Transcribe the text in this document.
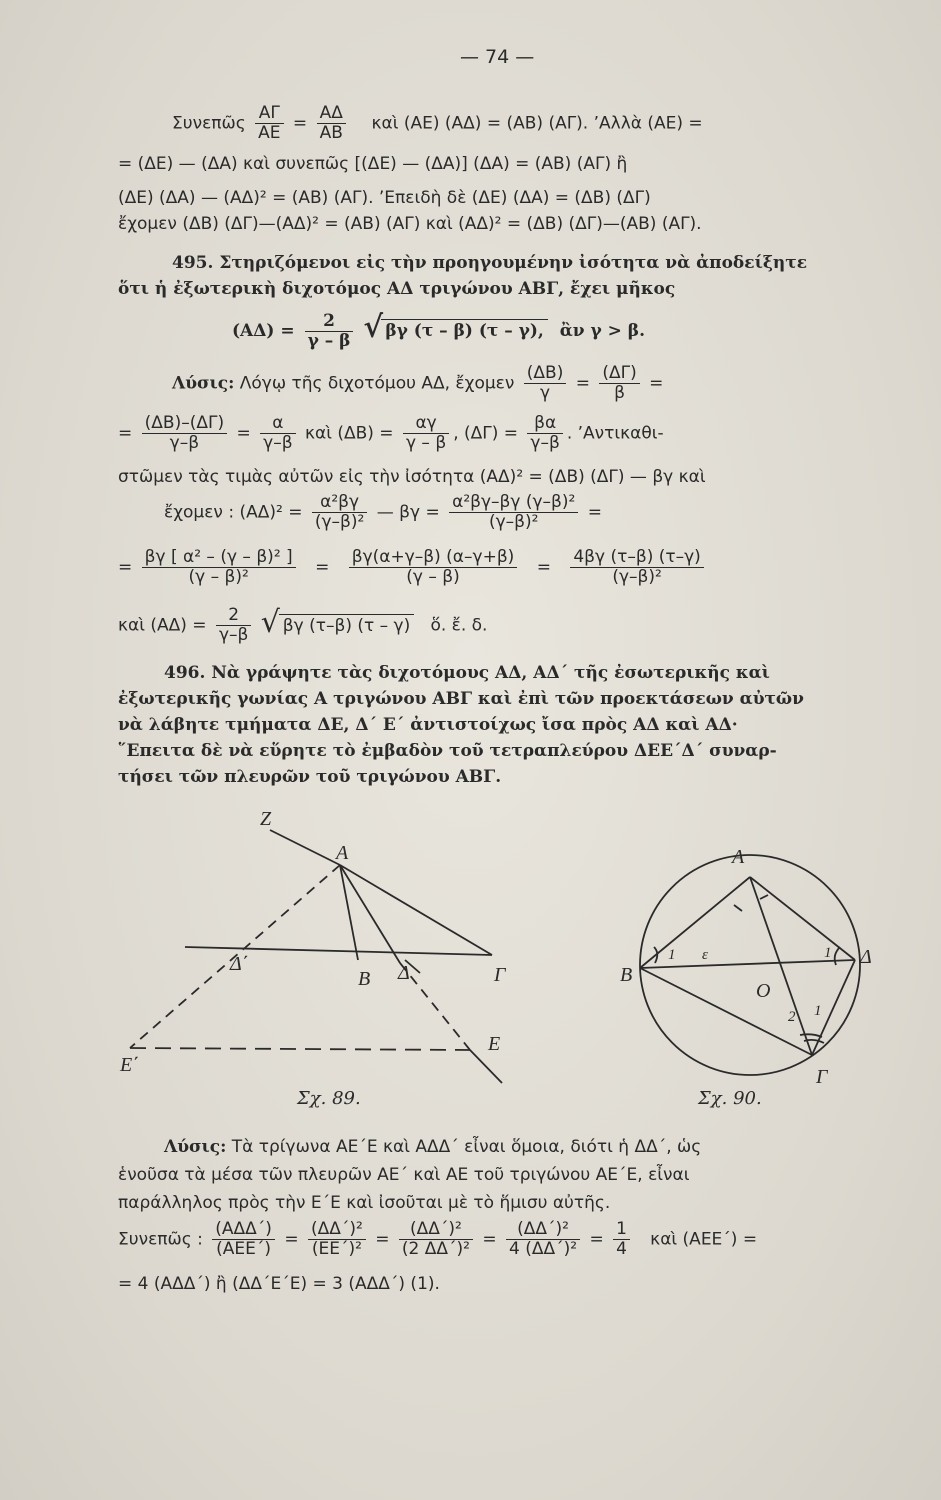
— 74 —
Συνεπῶς $\frac{A\Gamma}{AE} = \frac{A\Delta}{AB}$ καὶ (ΑΕ) (ΑΔ) = (ΑΒ) (ΑΓ). ’Αλλὰ (ΑΕ) =
= (ΔΕ) — (ΔΑ) καὶ συνεπῶς [(ΔΕ) — (ΔΑ)] (ΔΑ) = (ΑΒ) (ΑΓ) ἢ
(ΔΕ) (ΔΑ) — (ΑΔ)² = (ΑΒ) (ΑΓ). ’Επειδὴ δὲ (ΔΕ) (ΔΑ) = (ΔΒ) (ΔΓ)
ἔχομεν (ΔΒ) (ΔΓ)—(ΑΔ)² = (ΑΒ) (ΑΓ) καὶ (ΑΔ)² = (ΔΒ) (ΔΓ)—(ΑΒ) (ΑΓ).
495. Στηριζόμενοι εἰς τὴν προηγουμένην ἰσότητα νὰ ἀποδείξητε
ὅτι ἡ ἐξωτερικὴ διχοτόμος ΑΔ τριγώνου ΑΒΓ, ἔχει μῆκος
$(A\Delta) = \frac{2}{\gamma - \beta}$
√ βγ (τ – β) (τ – γ), ἂν γ > β.
Λύσις: Λόγῳ τῆς διχοτόμου ΑΔ, ἔχομεν $\frac{(\Delta B)}{\gamma} = \frac{(\Delta\Gamma)}{\beta}$ =
= $\frac{(\Delta B)-(\Delta\Gamma)}{\gamma-\beta} = \frac{\alpha}{\gamma-\beta}$ καὶ $(\Delta B) = \frac{\alpha\gamma}{\gamma - \beta}$ , $(\Delta\Gamma) = \frac{\beta\alpha}{\gamma-\beta}$ . ’Αντικαθι-
στῶμεν τὰς τιμὰς αὐτῶν εἰς τὴν ἰσότητα (ΑΔ)² = (ΔΒ) (ΔΓ) — βγ καὶ
ἔχομεν : $(A\Delta)^2 = \frac{\text{α²βγ}}{\text{(γ–β)²}}$ — $\beta\gamma = \frac{\text{α²βγ–βγ (γ–β)²}}{\text{(γ–β)²}}$ =
= $\frac{\text{βγ [ α² – (γ – β)² ]}}{\text{(γ – β)²}} = \frac{\beta\gamma(\alpha+\gamma-\beta) (\alpha-\gamma+\beta)}{(\gamma - \beta)} = \frac{4\beta\gamma (\tau-\beta) (\tau-\gamma)}{\text{(γ–β)²}}$
καὶ $(A\Delta) = \frac{2}{\gamma-\beta}$
√ βγ (τ–β) (τ – γ) ὅ. ἔ. δ.
496. Νὰ γράψητε τὰς διχοτόμους ΑΔ, ΑΔ΄ τῆς ἐσωτερικῆς καὶ
ἐξωτερικῆς γωνίας Α τριγώνου ΑΒΓ καὶ ἐπὶ τῶν προεκτάσεων αὐτῶν
νὰ λάβητε τμήματα ΔΕ, Δ΄ Ε΄ ἀντιστοίχως ἴσα πρὸς ΑΔ καὶ ΑΔ·
῞Επειτα δὲ νὰ εὕρητε τὸ ἐμβαδὸν τοῦ τετραπλεύρου ΔΕΕ΄Δ΄ συναρ-
τήσει τῶν πλευρῶν τοῦ τριγώνου ΑΒΓ.
Z
A
Δ΄
B Δ	Γ
E΄
E
Σχ. 89.
A
B
Δ
Γ
O
1 ε	1
2 1
Σχ. 90.
Λύσις: Τὰ τρίγωνα ΑΕ΄Ε καὶ ΑΔΔ΄ εἶναι ὅμοια, διότι ἡ ΔΔ΄, ὡς
ἑνοῦσα τὰ μέσα τῶν πλευρῶν ΑΕ΄ καὶ ΑΕ τοῦ τριγώνου ΑΕ΄Ε, εἶναι
παράλληλος πρὸς τὴν Ε΄Ε καὶ ἰσοῦται μὲ τὸ ἥμισυ αὐτῆς.
Συνεπῶς : $\frac{\text{(ΑΔΔ΄)}}{\text{(ΑΕΕ΄)}} = \frac{\text{(ΔΔ΄)²}}{\text{(ΕΕ΄)²}} = \frac{\text{(ΔΔ΄)²}}{\text{(2 ΔΔ΄)²}} = \frac{\text{(ΔΔ΄)²}}{\text{4 (ΔΔ΄)²}} = \frac{1}{4}$ καὶ (ΑΕΕ΄) =
= 4 (ΑΔΔ΄) ἢ (ΔΔ΄Ε΄Ε) = 3 (ΑΔΔ΄) (1).
